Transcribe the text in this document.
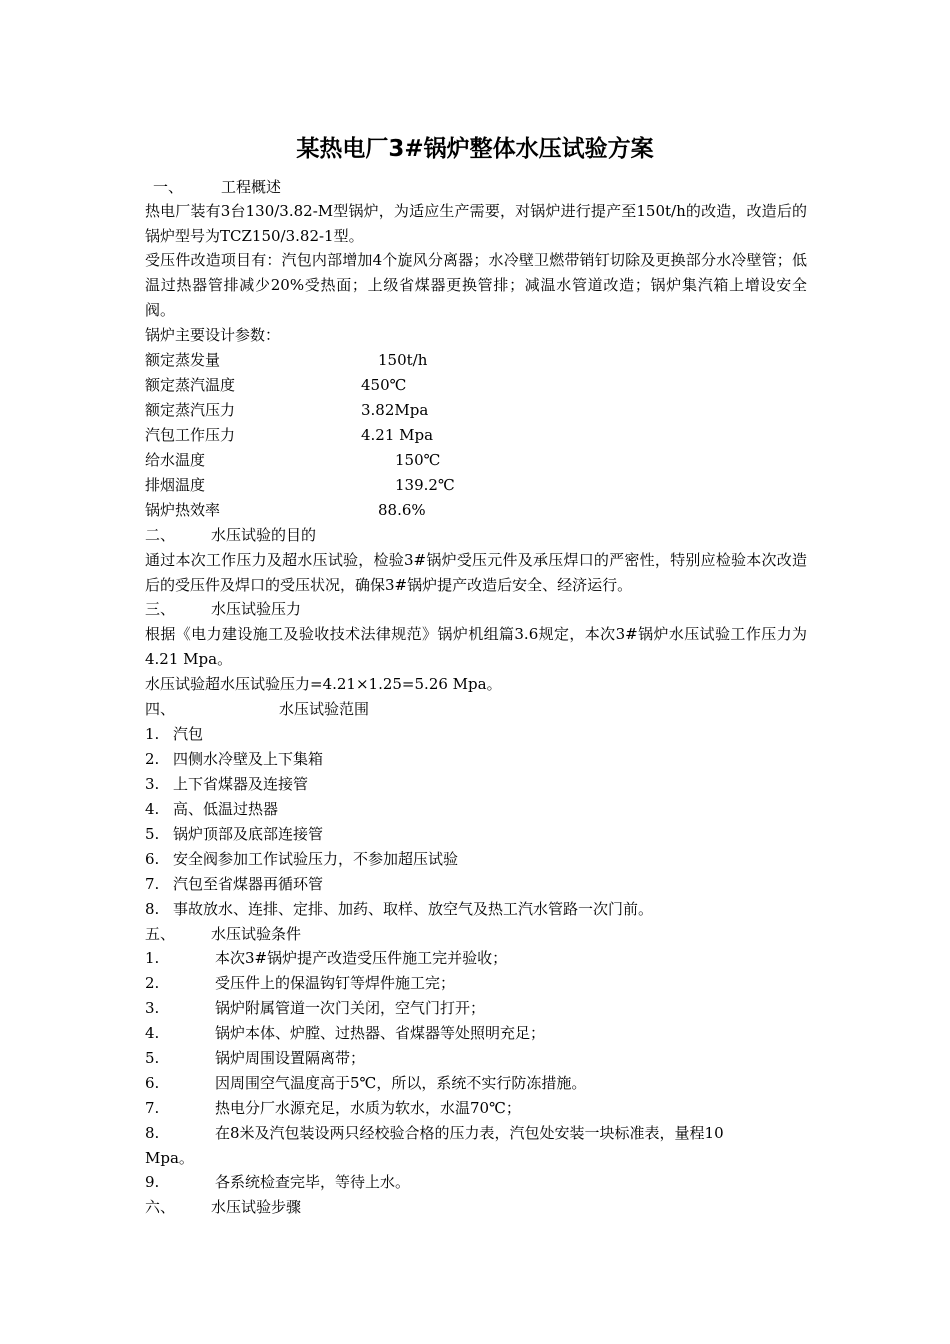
某热电厂3#锅炉整体水压试验方案
一、	工程概述
热电厂装有3台130/3.82-M型锅炉，为适应生产需要，对锅炉进行提产至150t/h的改造，改造后的锅炉型号为TCZ150/3.82-1型。
受压件改造项目有：汽包内部增加4个旋风分离器；水冷壁卫燃带销钉切除及更换部分水冷壁管；低温过热器管排减少20%受热面；上级省煤器更换管排；减温水管道改造；锅炉集汽箱上增设安全阀。
锅炉主要设计参数：
额定蒸发量	150t/h
额定蒸汽温度	450℃
额定蒸汽压力	3.82Mpa
汽包工作压力	4.21 Mpa
给水温度	150℃
排烟温度	139.2℃
锅炉热效率	88.6%
二、 水压试验的目的
通过本次工作压力及超水压试验，检验3#锅炉受压元件及承压焊口的严密性，特别应检验本次改造后的受压件及焊口的受压状况，确保3#锅炉提产改造后安全、经济运行。
三、 水压试验压力
根据《电力建设施工及验收技术法律规范》锅炉机组篇3.6规定，本次3#锅炉水压试验工作压力为4.21 Mpa。
水压试验超水压试验压力=4.21×1.25=5.26 Mpa。
四、	水压试验范围
1. 汽包
2. 四侧水冷壁及上下集箱
3. 上下省煤器及连接管
4. 高、低温过热器
5. 锅炉顶部及底部连接管
6. 安全阀参加工作试验压力，不参加超压试验
7. 汽包至省煤器再循环管
8. 事故放水、连排、定排、加药、取样、放空气及热工汽水管路一次门前。
五、 水压试验条件
1.	本次3#锅炉提产改造受压件施工完并验收；
2.	受压件上的保温钩钉等焊件施工完；
3.	锅炉附属管道一次门关闭，空气门打开；
4.	锅炉本体、炉膛、过热器、省煤器等处照明充足；
5.	锅炉周围设置隔离带；
6.	因周围空气温度高于5℃，所以，系统不实行防冻措施。
7.	热电分厂水源充足，水质为软水，水温70℃；
8.	在8米及汽包装设两只经校验合格的压力表，汽包处安装一块标准表，量程10
Mpa。
9.	各系统检查完毕，等待上水。
六、 水压试验步骤
